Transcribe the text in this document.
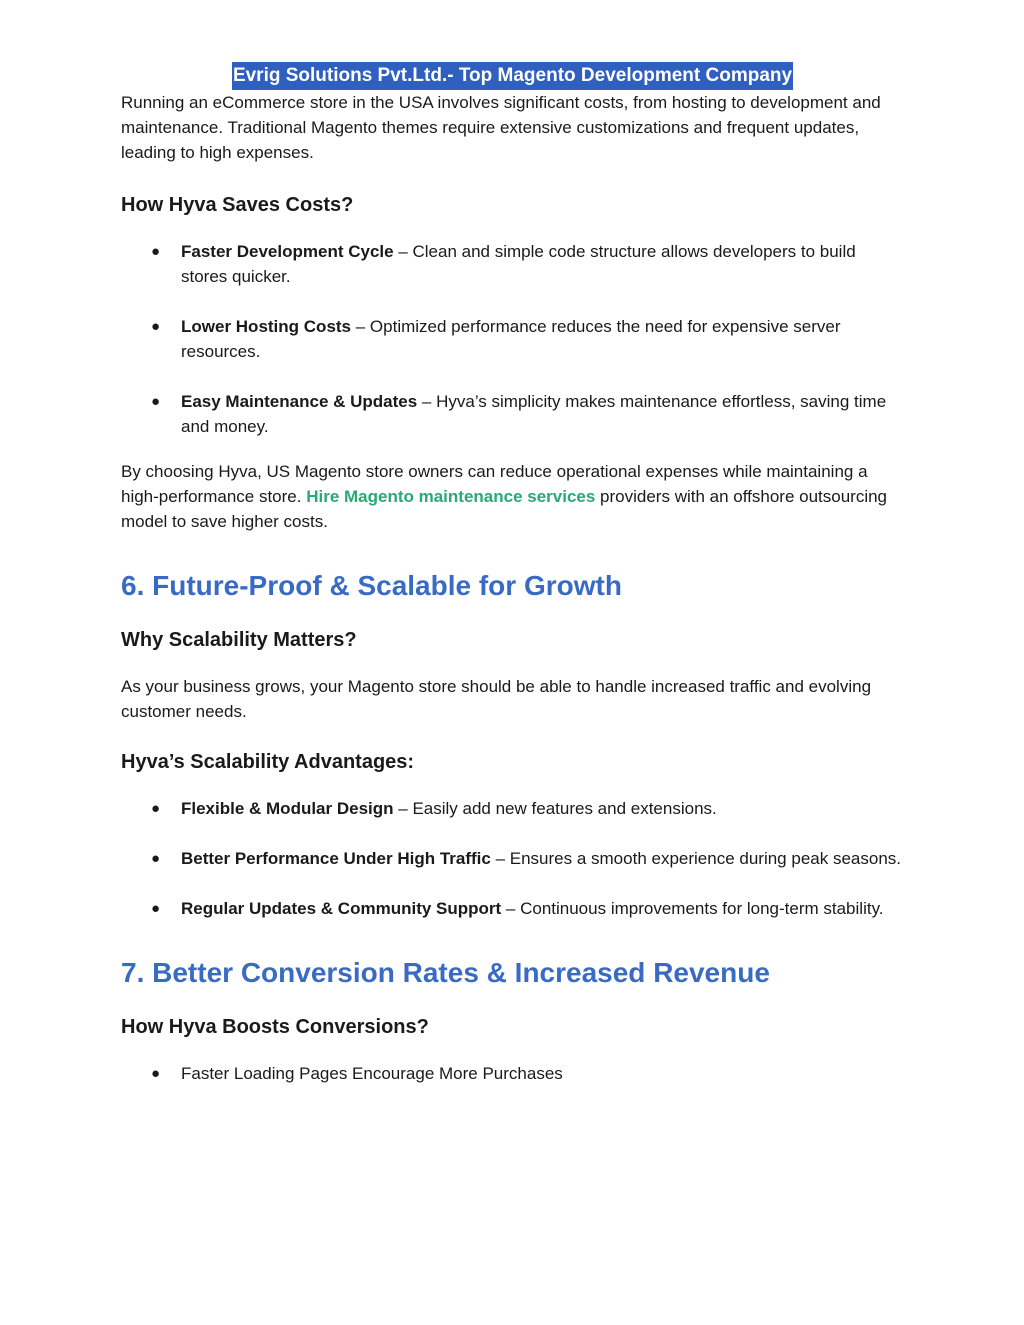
Evrig Solutions Pvt.Ltd.- Top Magento Development Company

Running an eCommerce store in the USA involves significant costs, from hosting to development and maintenance. Traditional Magento themes require extensive customizations and frequent updates, leading to high expenses.

How Hyva Saves Costs?
● Faster Development Cycle – Clean and simple code structure allows developers to build stores quicker.
● Lower Hosting Costs – Optimized performance reduces the need for expensive server resources.
● Easy Maintenance & Updates – Hyva’s simplicity makes maintenance effortless, saving time and money.

By choosing Hyva, US Magento store owners can reduce operational expenses while maintaining a high-performance store. Hire Magento maintenance services providers with an offshore outsourcing model to save higher costs.

6. Future-Proof & Scalable for Growth
Why Scalability Matters?

As your business grows, your Magento store should be able to handle increased traffic and evolving customer needs.

Hyva’s Scalability Advantages:
● Flexible & Modular Design – Easily add new features and extensions.
● Better Performance Under High Traffic – Ensures a smooth experience during peak seasons.
● Regular Updates & Community Support – Continuous improvements for long-term stability.
7. Better Conversion Rates & Increased Revenue
How Hyva Boosts Conversions?
● Faster Loading Pages Encourage More Purchases
